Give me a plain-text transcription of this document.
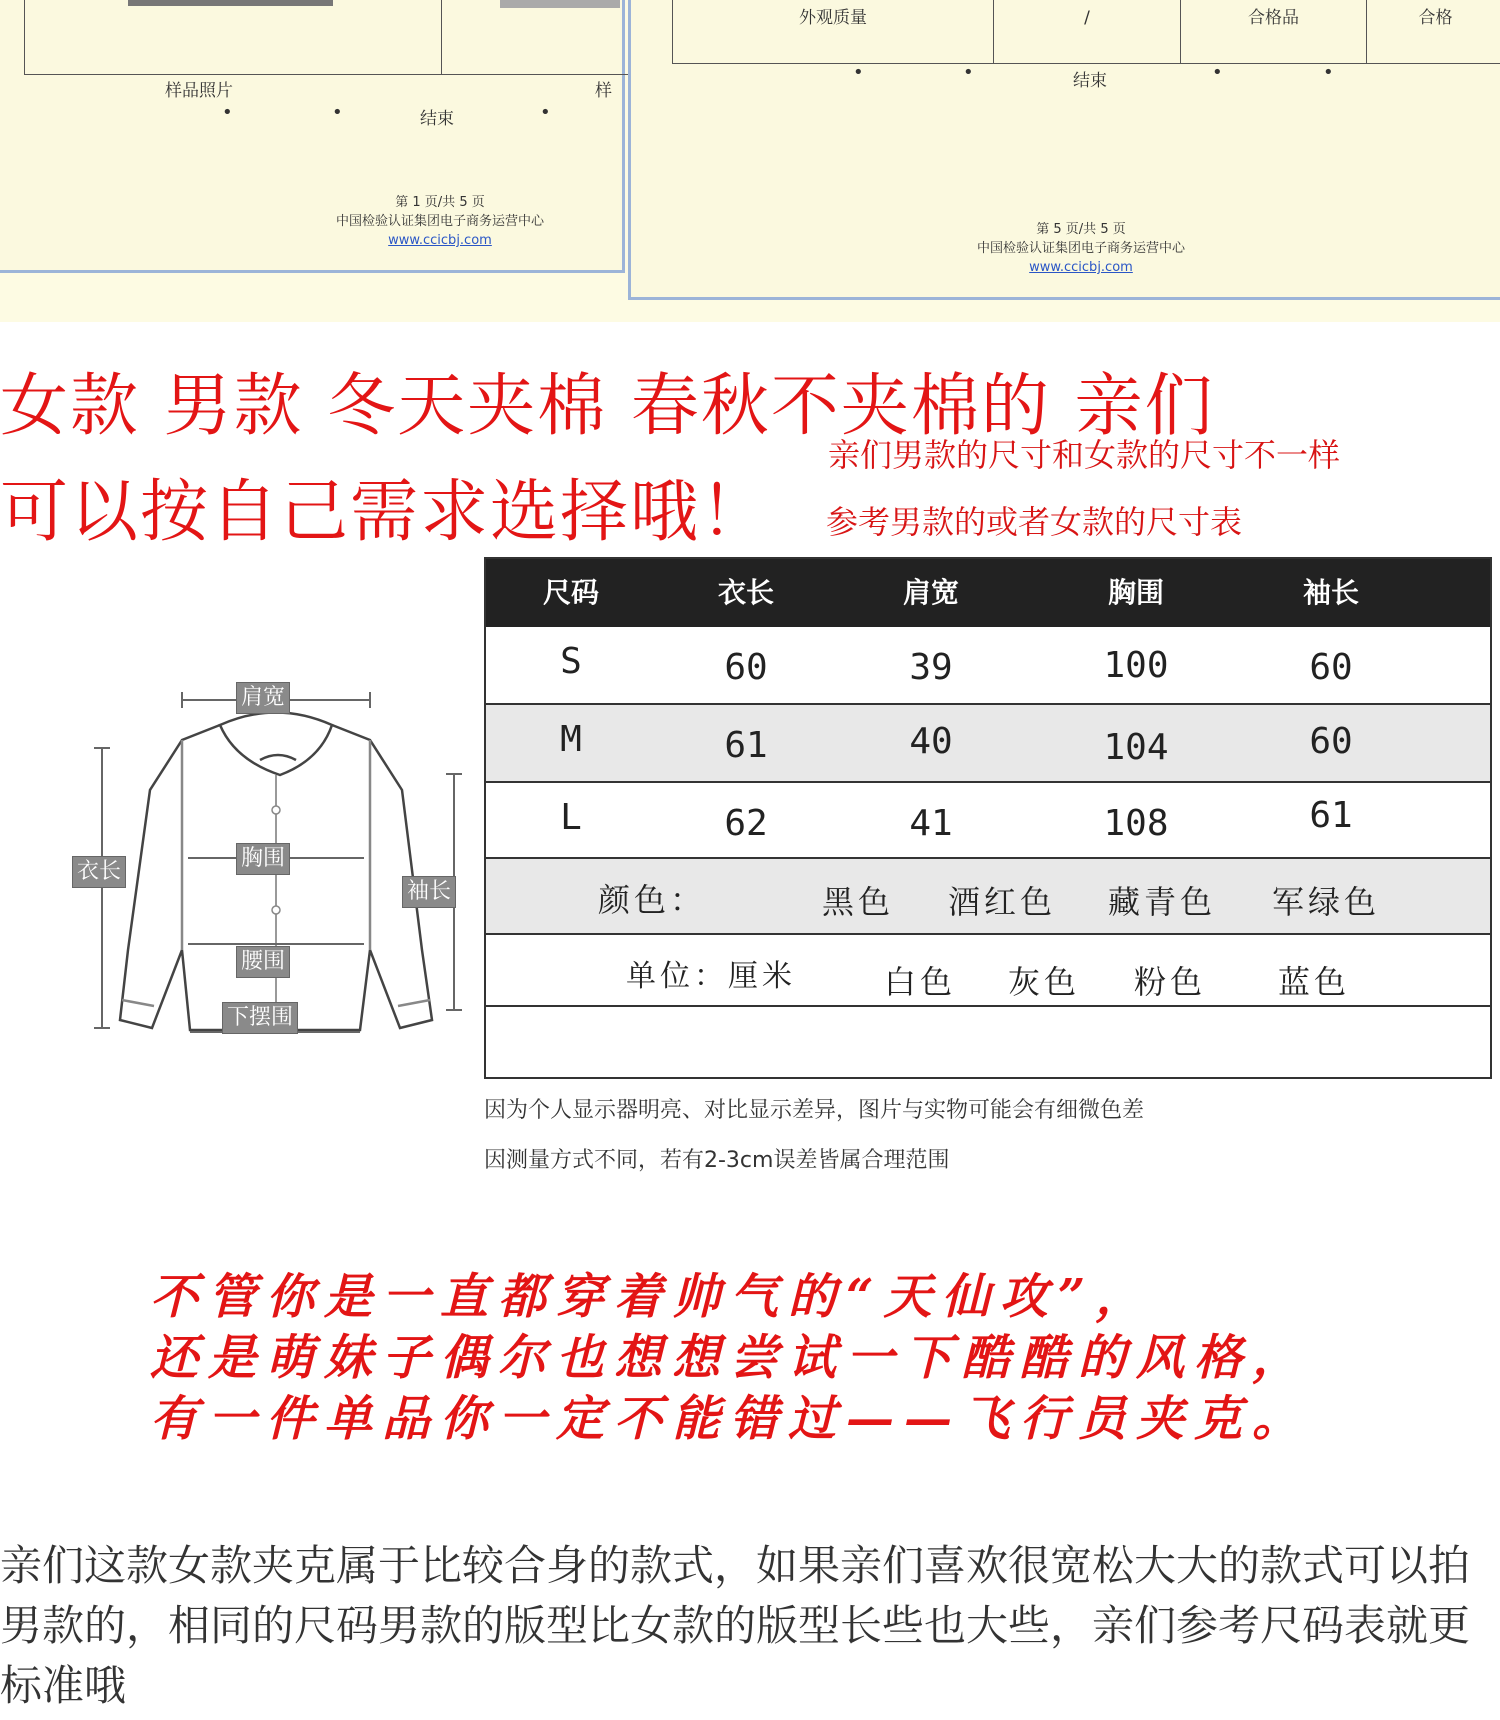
样品照片	样
•	•	•
结束
第 1 页/共 5 页
中国检验认证集团电子商务运营中心
www.ccicbj.com
外观质量	/	合格品	合格
•	•	•	•
结束
第 5 页/共 5 页
中国检验认证集团电子商务运营中心
www.ccicbj.com
女款 男款 冬天夹棉 春秋不夹棉的 亲们
可以按自己需求选择哦！
亲们男款的尺寸和女款的尺寸不一样
参考男款的或者女款的尺寸表
肩宽
衣长
胸围
袖长
腰围
下摆围
尺码	衣长	肩宽	胸围	袖长
S	60	39	100	60
M	61	40	104	60
L	62	41	108	61
颜色：	黑色 酒红色 藏青色 军绿色
单位：厘米	白色 灰色 粉色 蓝色
因为个人显示器明亮、对比显示差异，图片与实物可能会有细微色差
因测量方式不同，若有2-3cm误差皆属合理范围
不管你是一直都穿着帅气的“天仙攻”，
还是萌妹子偶尔也想想尝试一下酷酷的风格，
有一件单品你一定不能错过——飞行员夹克。
亲们这款女款夹克属于比较合身的款式，如果亲们喜欢很宽松大大的款式可以拍男款的，相同的尺码男款的版型比女款的版型长些也大些，亲们参考尺码表就更标准哦
